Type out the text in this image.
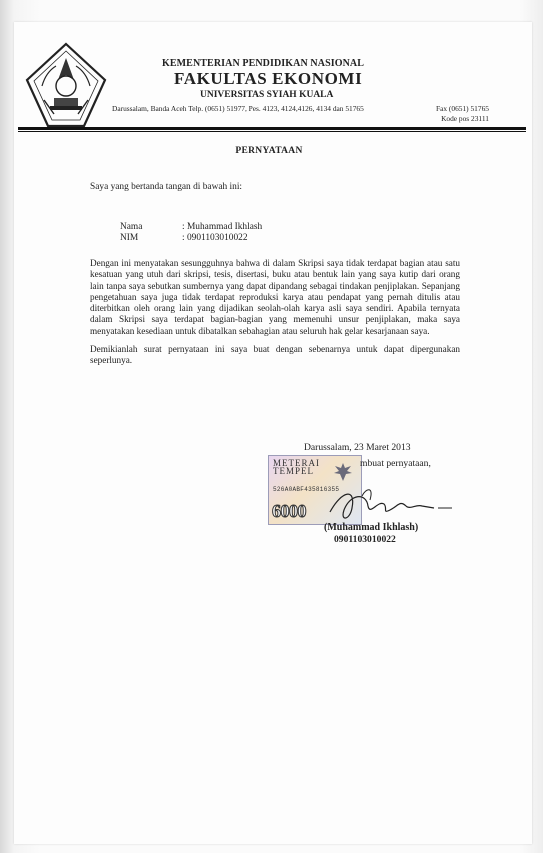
KEMENTERIAN PENDIDIKAN NASIONAL
FAKULTAS EKONOMI
UNIVERSITAS SYIAH KUALA
Darussalam, Banda Aceh Telp. (0651) 51977, Pes. 4123, 4124,4126, 4134 dan 51765	Fax (0651) 51765
Kode pos 23111
PERNYATAAN
Saya yang bertanda tangan di bawah ini:
Nama	: Muhammad Ikhlash
NIM	: 0901103010022

Dengan ini menyatakan sesungguhnya bahwa di dalam Skripsi saya tidak terdapat bagian atau satu kesatuan yang utuh dari skripsi, tesis, disertasi, buku atau bentuk lain yang saya kutip dari orang lain tanpa saya sebutkan sumbernya yang dapat dipandang sebagai tindakan penjiplakan. Sepanjang pengetahuan saya juga tidak terdapat reproduksi karya atau pendapat yang pernah ditulis atau diterbitkan oleh orang lain yang dijadikan seolah-olah karya asli saya sendiri. Apabila ternyata dalam Skripsi saya terdapat bagian-bagian yang memenuhi unsur penjiplakan, maka saya menyatakan kesediaan untuk dibatalkan sebahagian atau seluruh hak gelar kesarjanaan saya.

Demikianlah surat pernyataan ini saya buat dengan sebenarnya untuk dapat dipergunakan seperlunya.
Darussalam, 23 Maret 2013
METERAI TEMPEL
526A0ABF435816355
6000
mbuat pernyataan,
(Muhammad Ikhlash)
0901103010022
